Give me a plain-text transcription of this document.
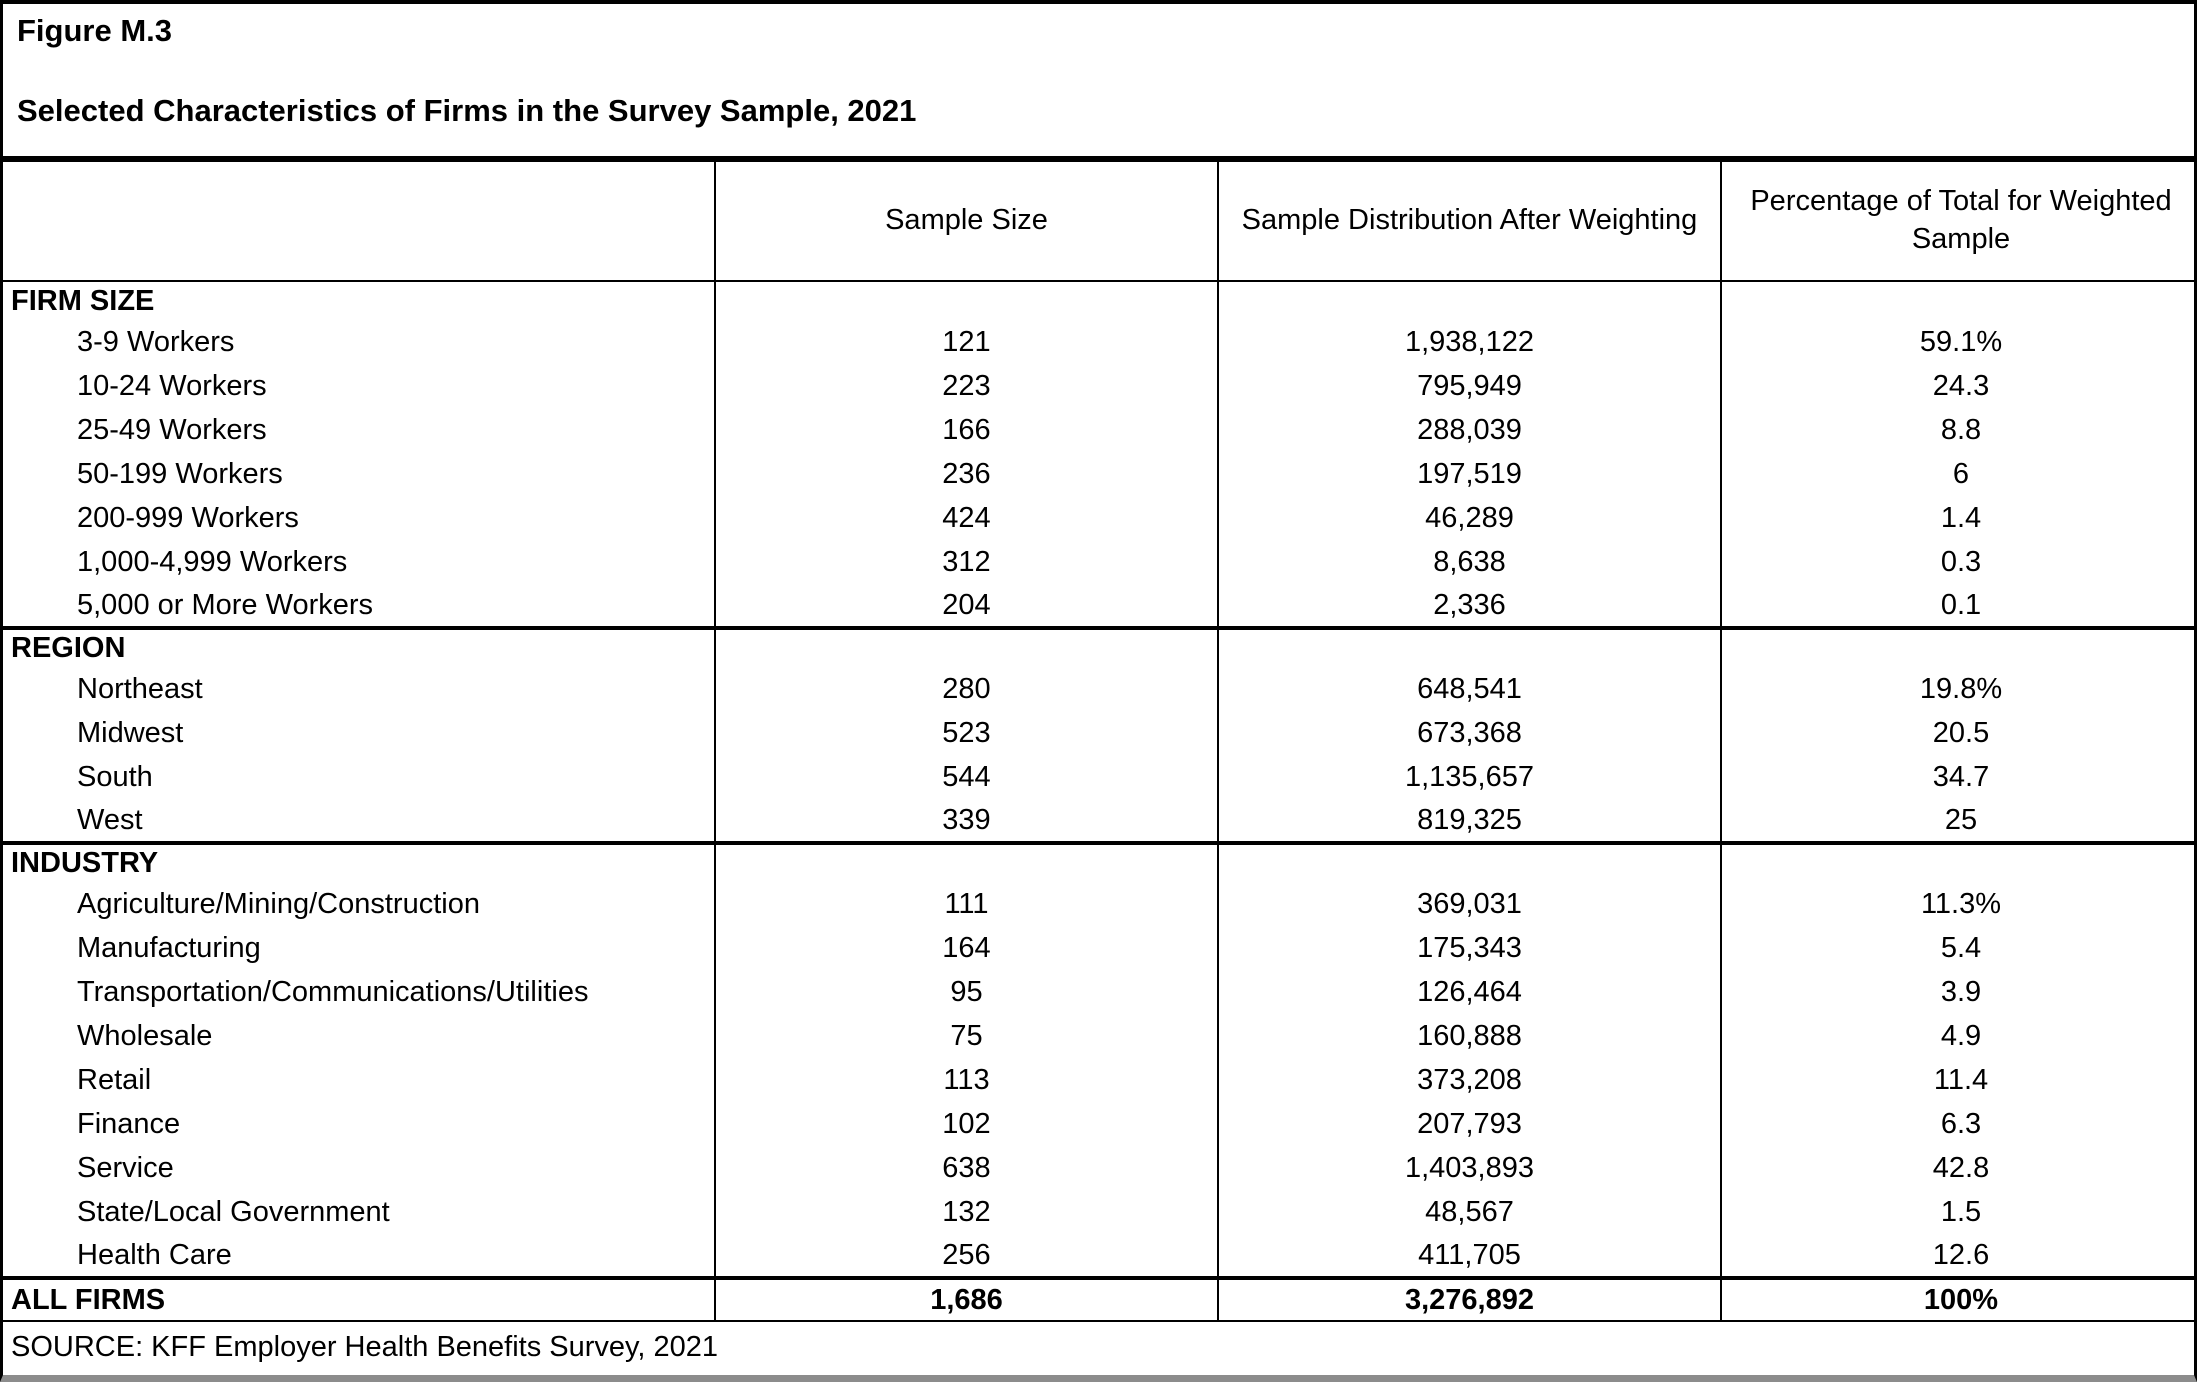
Figure M.3
Selected Characteristics of Firms in the Survey Sample, 2021
	Sample Size	Sample Distribution After Weighting	Percentage of Total for Weighted Sample
FIRM SIZE			
3-9 Workers	121	1,938,122	59.1%
10-24 Workers	223	795,949	24.3
25-49 Workers	166	288,039	8.8
50-199 Workers	236	197,519	6
200-999 Workers	424	46,289	1.4
1,000-4,999 Workers	312	8,638	0.3
5,000 or More Workers	204	2,336	0.1
REGION			
Northeast	280	648,541	19.8%
Midwest	523	673,368	20.5
South	544	1,135,657	34.7
West	339	819,325	25
INDUSTRY			
Agriculture/Mining/Construction	111	369,031	11.3%
Manufacturing	164	175,343	5.4
Transportation/Communications/Utilities	95	126,464	3.9
Wholesale	75	160,888	4.9
Retail	113	373,208	11.4
Finance	102	207,793	6.3
Service	638	1,403,893	42.8
State/Local Government	132	48,567	1.5
Health Care	256	411,705	12.6
ALL FIRMS	1,686	3,276,892	100%
SOURCE: KFF Employer Health Benefits Survey, 2021
